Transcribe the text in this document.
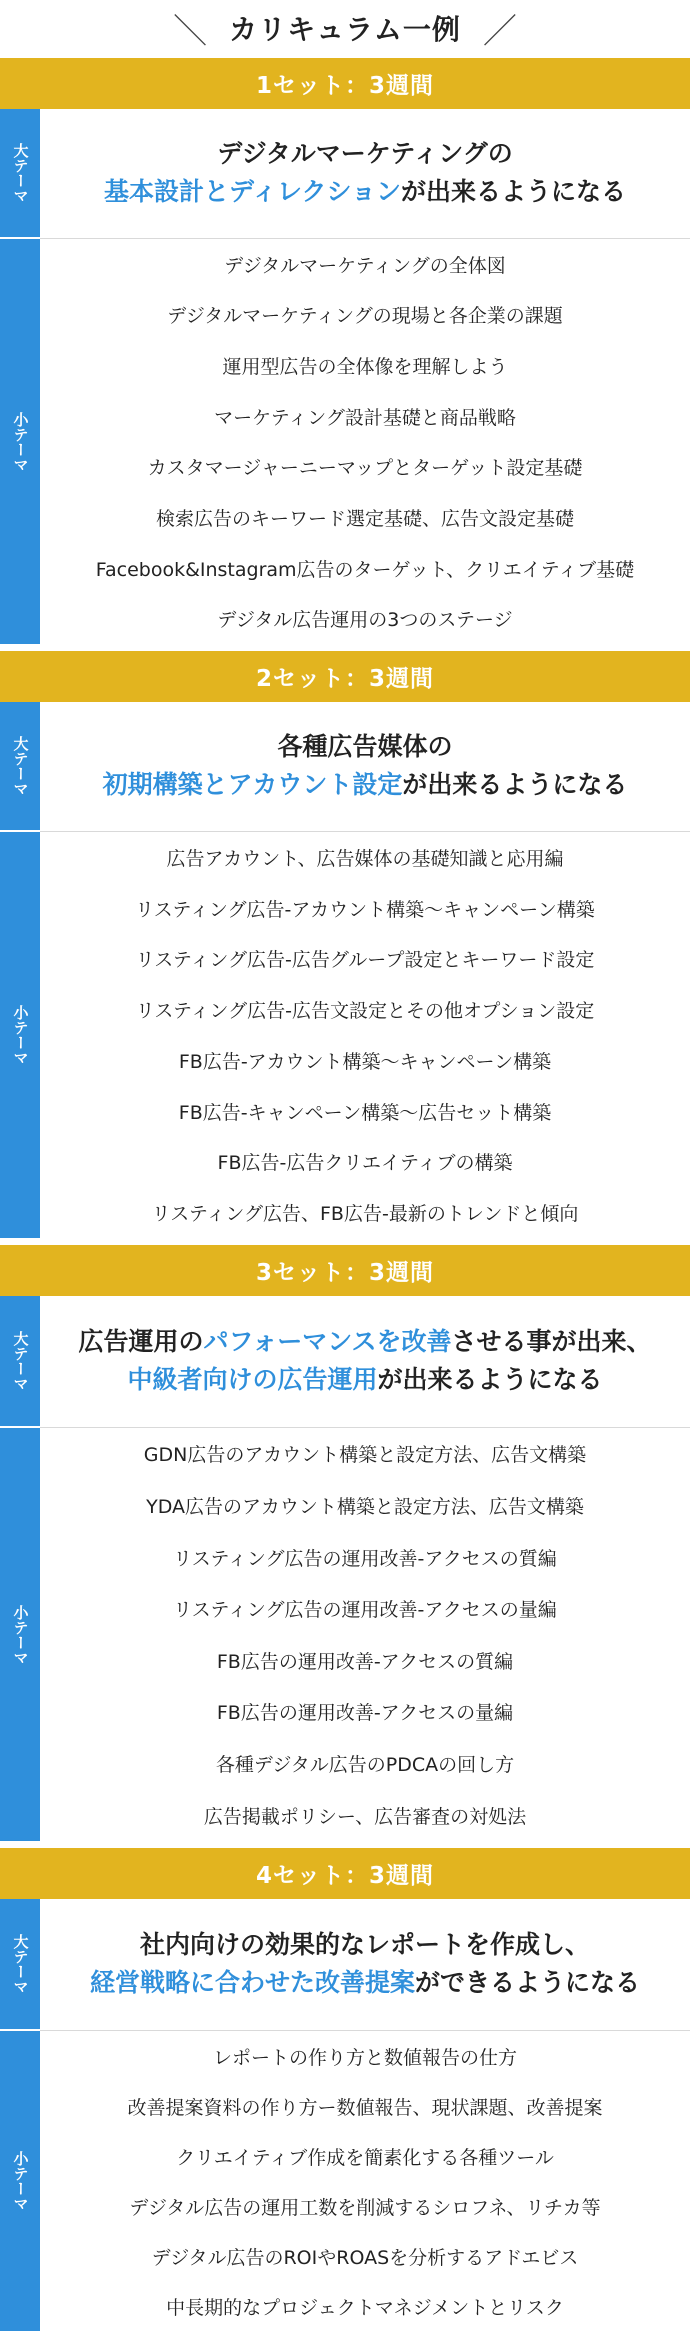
＼ カリキュラム一例 ／
1セット：3週間
大テーマ	デジタルマーケティングの
基本設計とディレクションが出来るようになる
小テーマ
デジタルマーケティングの全体図
デジタルマーケティングの現場と各企業の課題
運用型広告の全体像を理解しよう
マーケティング設計基礎と商品戦略
カスタマージャーニーマップとターゲット設定基礎
検索広告のキーワード選定基礎、広告文設定基礎
Facebook&Instagram広告のターゲット、クリエイティブ基礎
デジタル広告運用の3つのステージ
2セット：3週間
大テーマ	各種広告媒体の
初期構築とアカウント設定が出来るようになる
小テーマ
広告アカウント、広告媒体の基礎知識と応用編
リスティング広告-アカウント構築〜キャンペーン構築
リスティング広告-広告グループ設定とキーワード設定
リスティング広告-広告文設定とその他オプション設定
FB広告-アカウント構築〜キャンペーン構築
FB広告-キャンペーン構築〜広告セット構築
FB広告-広告クリエイティブの構築
リスティング広告、FB広告-最新のトレンドと傾向
3セット：3週間
大テーマ 広告運用のパフォーマンスを改善させる事が出来、
中級者向けの広告運用が出来るようになる
小テーマ
GDN広告のアカウント構築と設定方法、広告文構築
YDA広告のアカウント構築と設定方法、広告文構築
リスティング広告の運用改善-アクセスの質編
リスティング広告の運用改善-アクセスの量編
FB広告の運用改善-アクセスの質編
FB広告の運用改善-アクセスの量編
各種デジタル広告のPDCAの回し方
広告掲載ポリシー、広告審査の対処法
4セット：3週間
大テーマ	社内向けの効果的なレポートを作成し、
経営戦略に合わせた改善提案ができるようになる
小テーマ
レポートの作り方と数値報告の仕方
改善提案資料の作り方ー数値報告、現状課題、改善提案
クリエイティブ作成を簡素化する各種ツール
デジタル広告の運用工数を削減するシロフネ、リチカ等
デジタル広告のROIやROASを分析するアドエビス
中長期的なプロジェクトマネジメントとリスク
